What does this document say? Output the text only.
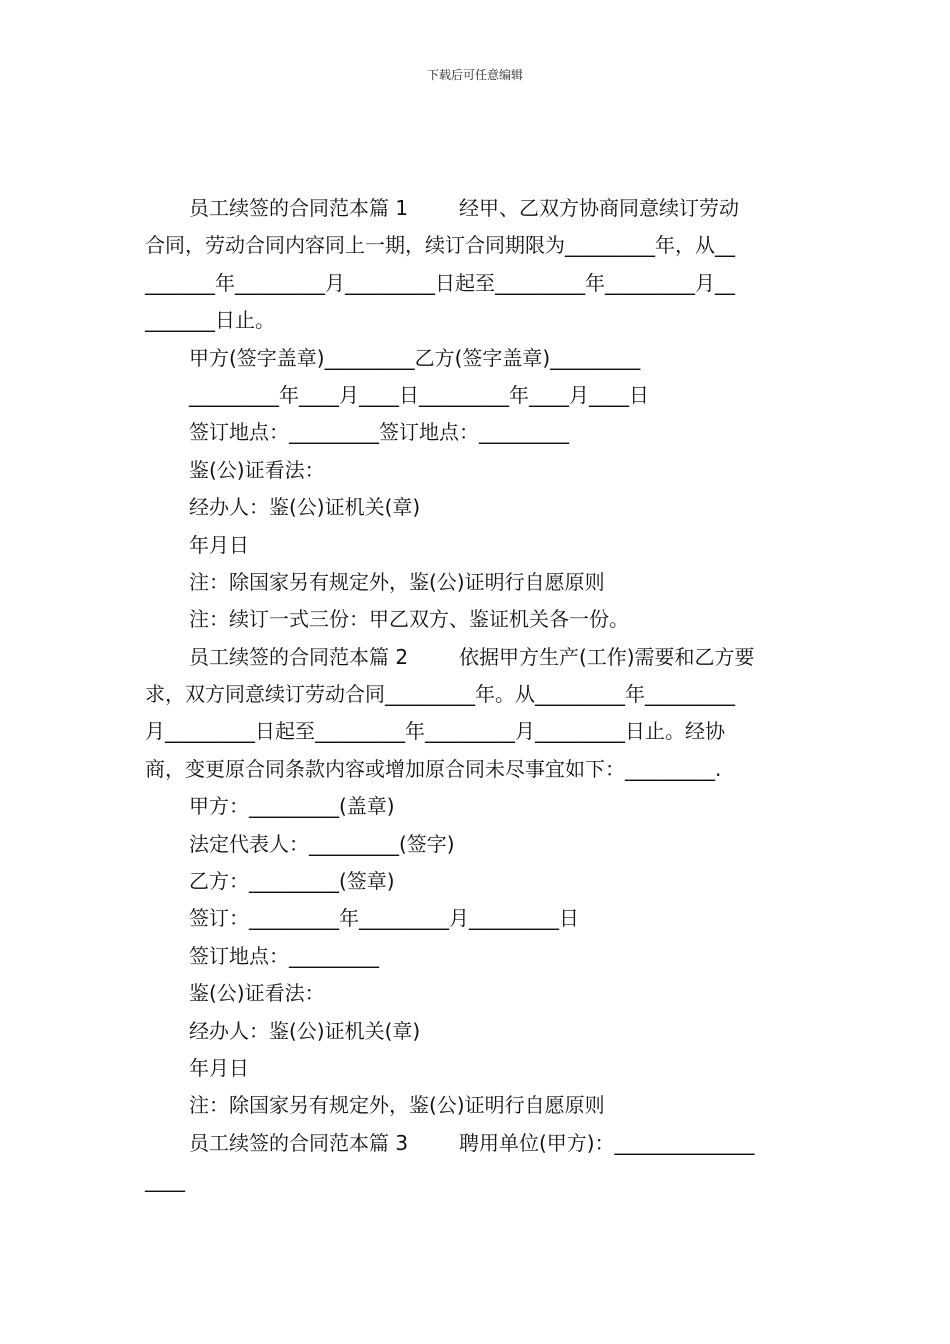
下载后可任意编辑
员工续签的合同范本篇 1        经甲、乙双方协商同意续订劳动
合同，劳动合同内容同上一期，续订合同期限为_________年，从__
_______年_________月_________日起至_________年_________月__
_______日止。
甲方(签字盖章)_________乙方(签字盖章)_________
_________年____月____日_________年____月____日
签订地点：_________签订地点：_________
鉴(公)证看法：
经办人：鉴(公)证机关(章)
年月日
注：除国家另有规定外，鉴(公)证明行自愿原则
注：续订一式三份：甲乙双方、鉴证机关各一份。
员工续签的合同范本篇 2        依据甲方生产(工作)需要和乙方要
求，双方同意续订劳动合同_________年。从_________年_________
月_________日起至_________年_________月_________日止。经协
商，变更原合同条款内容或增加原合同未尽事宜如下：_________.
甲方：_________(盖章)
法定代表人：_________(签字)
乙方：_________(签章)
签订：_________年_________月_________日
签订地点：_________
鉴(公)证看法：
经办人：鉴(公)证机关(章)
年月日
注：除国家另有规定外，鉴(公)证明行自愿原则
员工续签的合同范本篇 3        聘用单位(甲方)：______________
____
